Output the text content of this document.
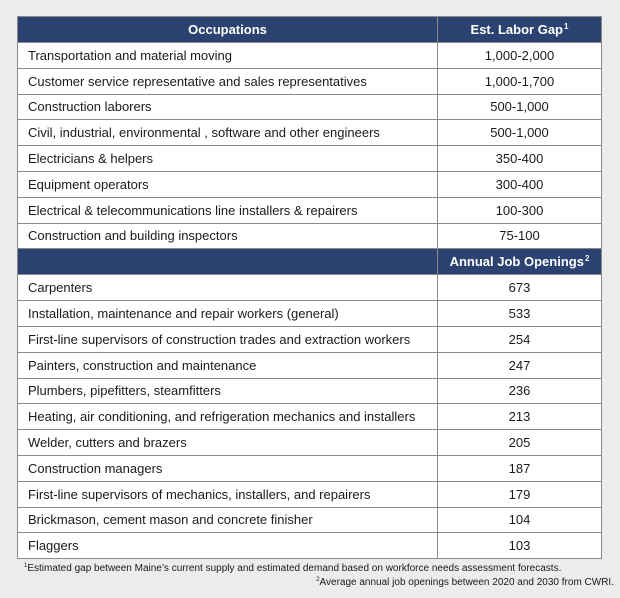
Occupations	Est. Labor Gap$^1$
Transportation and material moving	1,000-2,000
Customer service representative and sales representatives	1,000-1,700
Construction laborers	500-1,000
Civil, industrial, environmental , software and other engineers	500-1,000
Electricians & helpers	350-400
Equipment operators	300-400
Electrical & telecommunications line installers & repairers	100-300
Construction and building inspectors	75-100
	Annual Job Openings$^2$
Carpenters	673
Installation, maintenance and repair workers (general)	533
First-line supervisors of construction trades and extraction workers	254
Painters, construction and maintenance	247
Plumbers, pipefitters, steamfitters	236
Heating, air conditioning, and refrigeration mechanics and installers	213
Welder, cutters and brazers	205
Construction managers	187
First-line supervisors of mechanics, installers, and repairers	179
Brickmason, cement mason and concrete finisher	104
Flaggers	103
$^1$Estimated gap between Maine’s current supply and estimated demand based on workforce needs assessment forecasts.
$^2$Average annual job openings between 2020 and 2030 from CWRI.
